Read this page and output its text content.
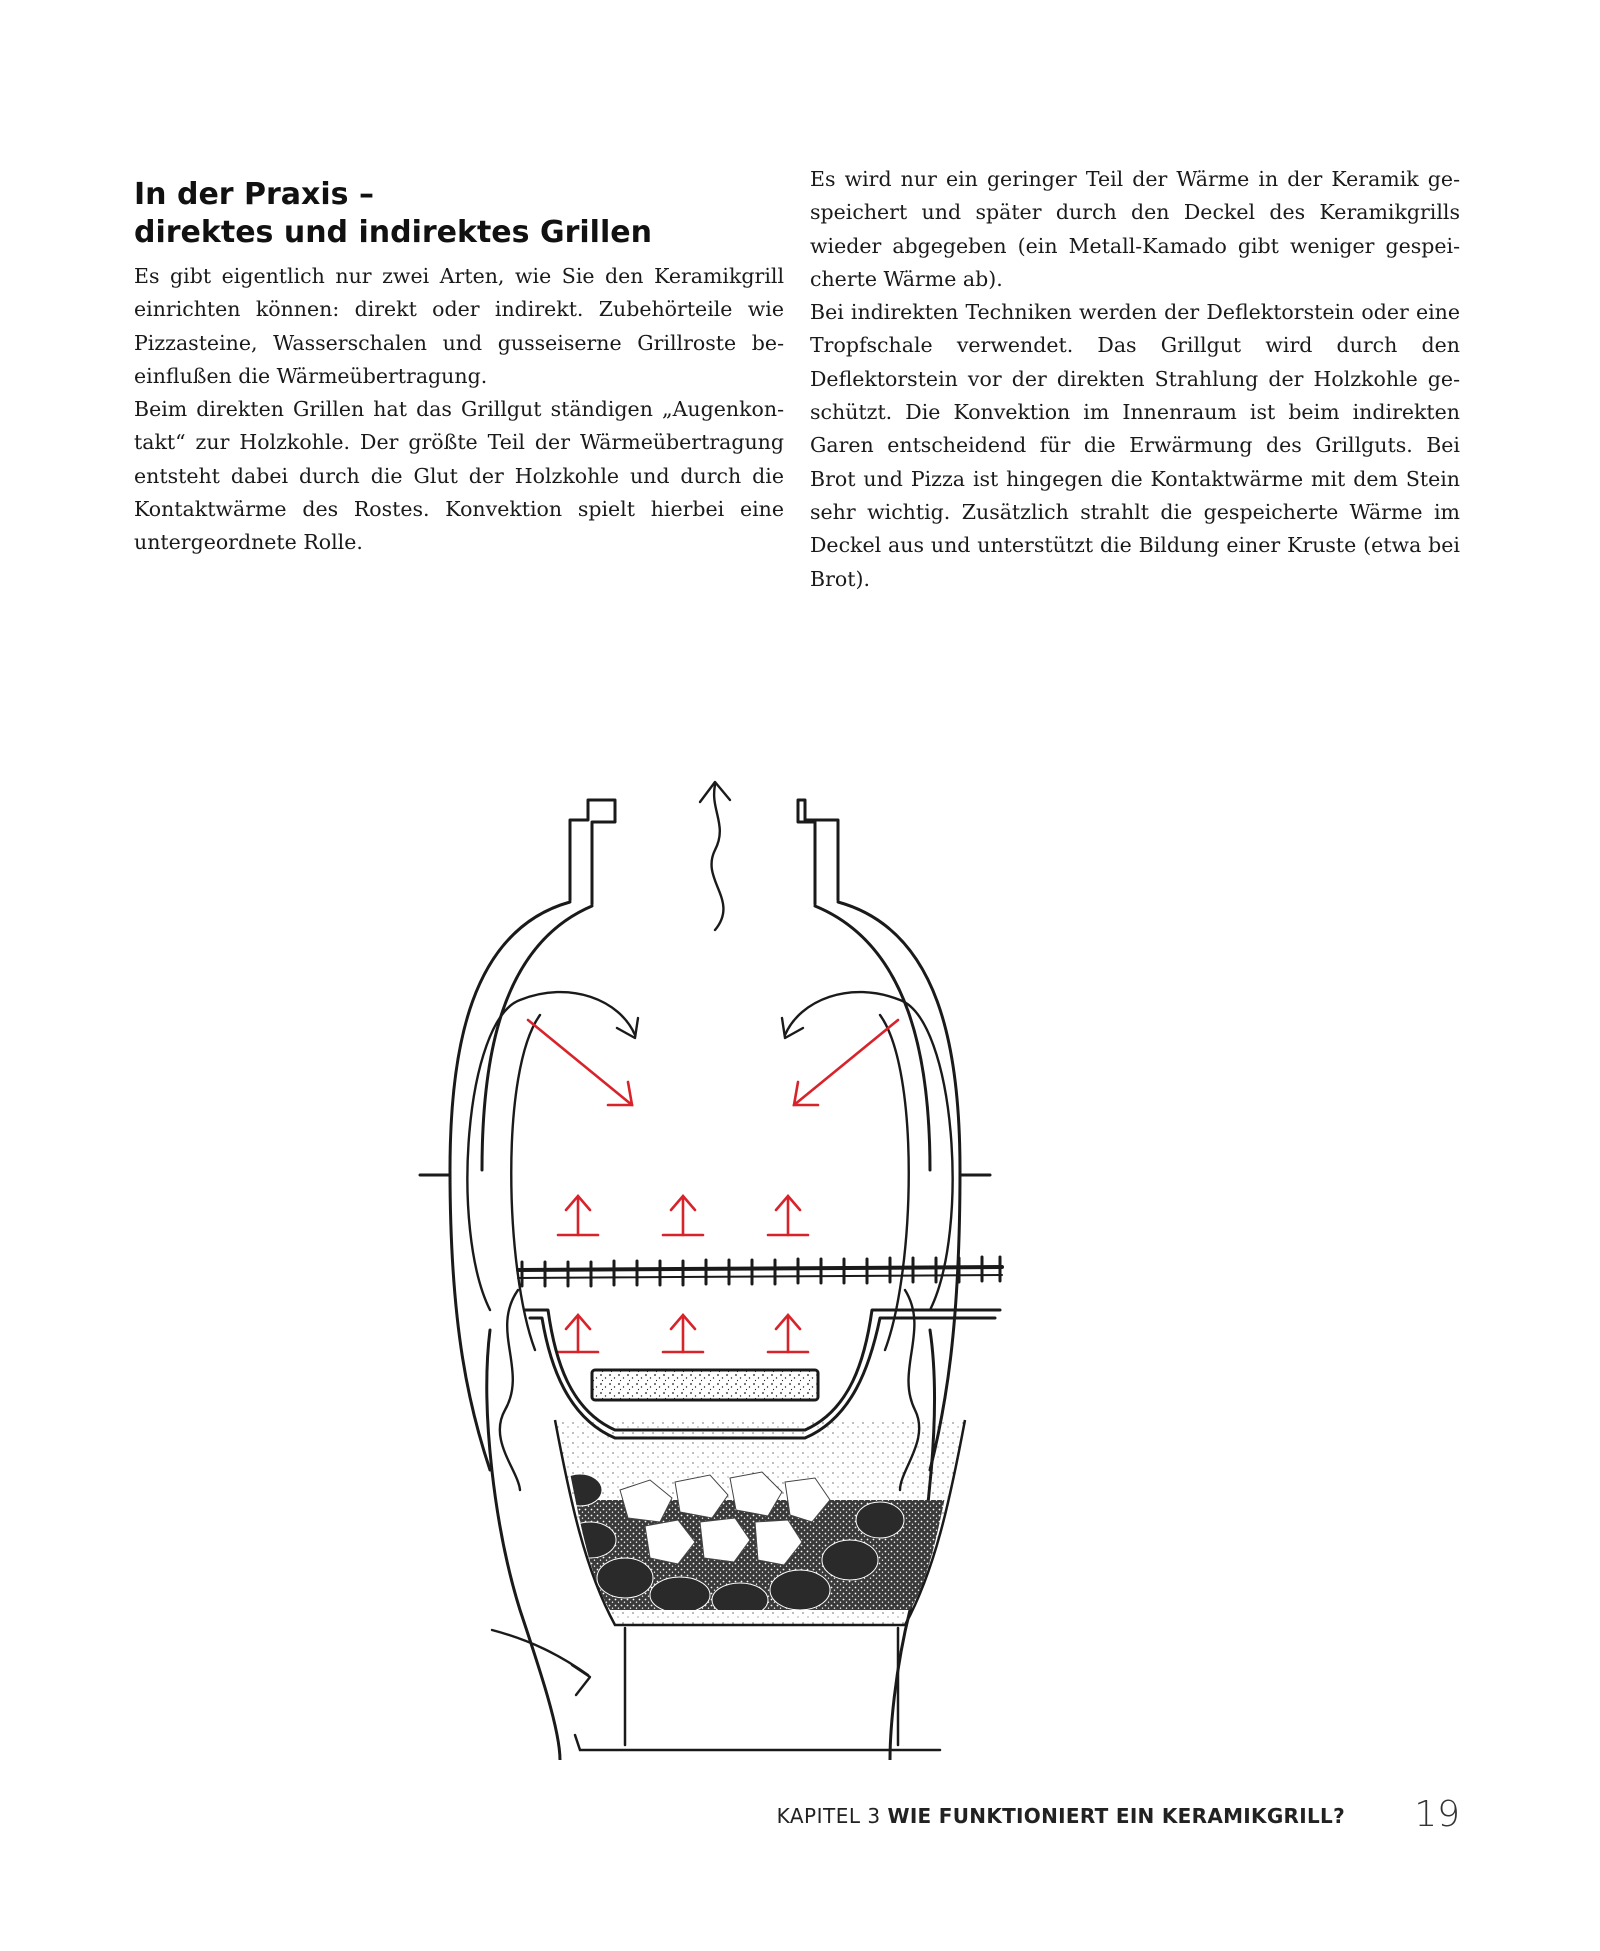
In der Praxis –
direktes und indirektes Grillen

Es gibt eigentlich nur zwei Arten, wie Sie den Keramikgrill einrichten können: direkt oder indirekt. Zubehörteile wie Pizzasteine, Wasserschalen und gusseiserne Grillroste beeinflußen die Wärmeübertragung.

Beim direkten Grillen hat das Grillgut ständigen „Augenkontakt“ zur Holzkohle. Der größte Teil der Wärmeübertragung entsteht dabei durch die Glut der Holzkohle und durch die Kontaktwärme des Rostes. Konvektion spielt hierbei eine untergeordnete Rolle.

Es wird nur ein geringer Teil der Wärme in der Keramik gespeichert und später durch den Deckel des Keramikgrills wieder abgegeben (ein Metall-Kamado gibt weniger gespeicherte Wärme ab).

Bei indirekten Techniken werden der Deflektorstein oder eine Tropfschale verwendet. Das Grillgut wird durch den Deflektorstein vor der direkten Strahlung der Holzkohle geschützt. Die Konvektion im Innenraum ist beim indirekten Garen entscheidend für die Erwärmung des Grillguts. Bei Brot und Pizza ist hingegen die Kontaktwärme mit dem Stein sehr wichtig. Zusätzlich strahlt die gespeicherte Wärme im Deckel aus und unterstützt die Bildung einer Kruste (etwa bei Brot).

KAPITEL 3 WIE FUNKTIONIERT EIN KERAMIKGRILL? 19
